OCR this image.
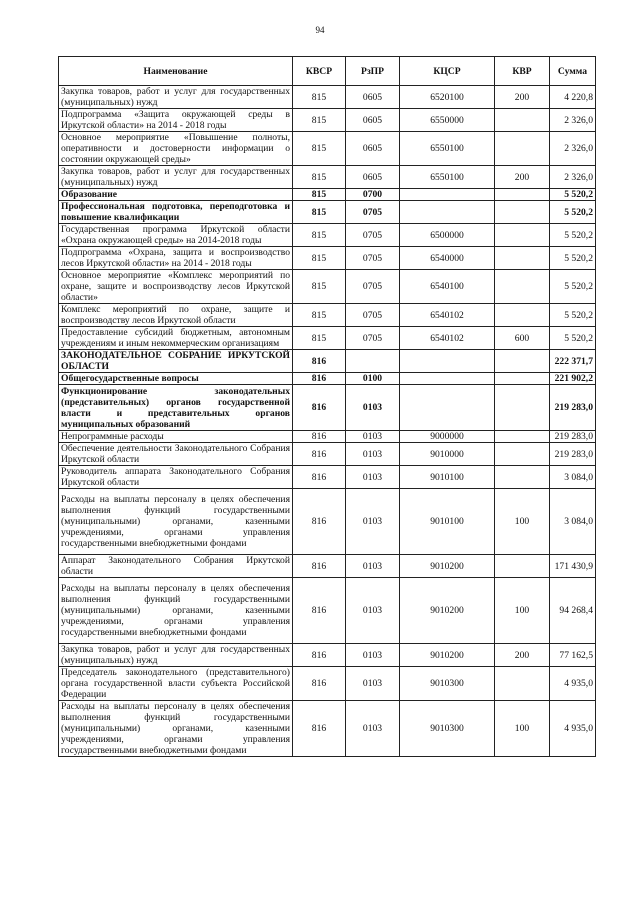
94
Наименование	КВСР	РзПР	КЦСР	КВР	Сумма
Закупка товаров, работ и услуг для государственных (муниципальных) нужд	815	0605	6520100	200	4 220,8
Подпрограмма «Защита окружающей среды в Иркутской области» на 2014 - 2018 годы	815	0605	6550000		2 326,0
Основное мероприятие «Повышение полноты, оперативности и достоверности информации о состоянии окружающей среды»	815	0605	6550100		2 326,0
Закупка товаров, работ и услуг для государственных (муниципальных) нужд	815	0605	6550100	200	2 326,0
Образование	815	0700			5 520,2
Профессиональная подготовка, переподготовка и повышение квалификации	815	0705			5 520,2
Государственная программа Иркутской области «Охрана окружающей среды» на 2014-2018 годы	815	0705	6500000		5 520,2
Подпрограмма «Охрана, защита и воспроизводство лесов Иркутской области» на 2014 - 2018 годы	815	0705	6540000		5 520,2
Основное мероприятие «Комплекс мероприятий по охране, защите и воспроизводству лесов Иркутской области»	815	0705	6540100		5 520,2
Комплекс мероприятий по охране, защите и воспроизводству лесов Иркутской области	815	0705	6540102		5 520,2
Предоставление субсидий бюджетным, автономным учреждениям и иным некоммерческим организациям	815	0705	6540102	600	5 520,2
ЗАКОНОДАТЕЛЬНОЕ СОБРАНИЕ ИРКУТСКОЙ ОБЛАСТИ	816				222 371,7
Общегосударственные вопросы	816	0100			221 902,2
Функционирование законодательных (представительных) органов государственной власти и представительных органов муниципальных образований	816	0103			219 283,0
Непрограммные расходы	816	0103	9000000		219 283,0
Обеспечение деятельности Законодательного Собрания Иркутской области	816	0103	9010000		219 283,0
Руководитель аппарата Законодательного Собрания Иркутской области	816	0103	9010100		3 084,0
Расходы на выплаты персоналу в целях обеспечения выполнения функций государственными (муниципальными) органами, казенными учреждениями, органами управления государственными внебюджетными фондами	816	0103	9010100	100	3 084,0
Аппарат Законодательного Собрания Иркутской области	816	0103	9010200		171 430,9
Расходы на выплаты персоналу в целях обеспечения выполнения функций государственными (муниципальными) органами, казенными учреждениями, органами управления государственными внебюджетными фондами	816	0103	9010200	100	94 268,4
Закупка товаров, работ и услуг для государственных (муниципальных) нужд	816	0103	9010200	200	77 162,5
Председатель законодательного (представительного) органа государственной власти субъекта Российской Федерации	816	0103	9010300		4 935,0
Расходы на выплаты персоналу в целях обеспечения выполнения функций государственными (муниципальными) органами, казенными учреждениями, органами управления государственными внебюджетными фондами	816	0103	9010300	100	4 935,0
